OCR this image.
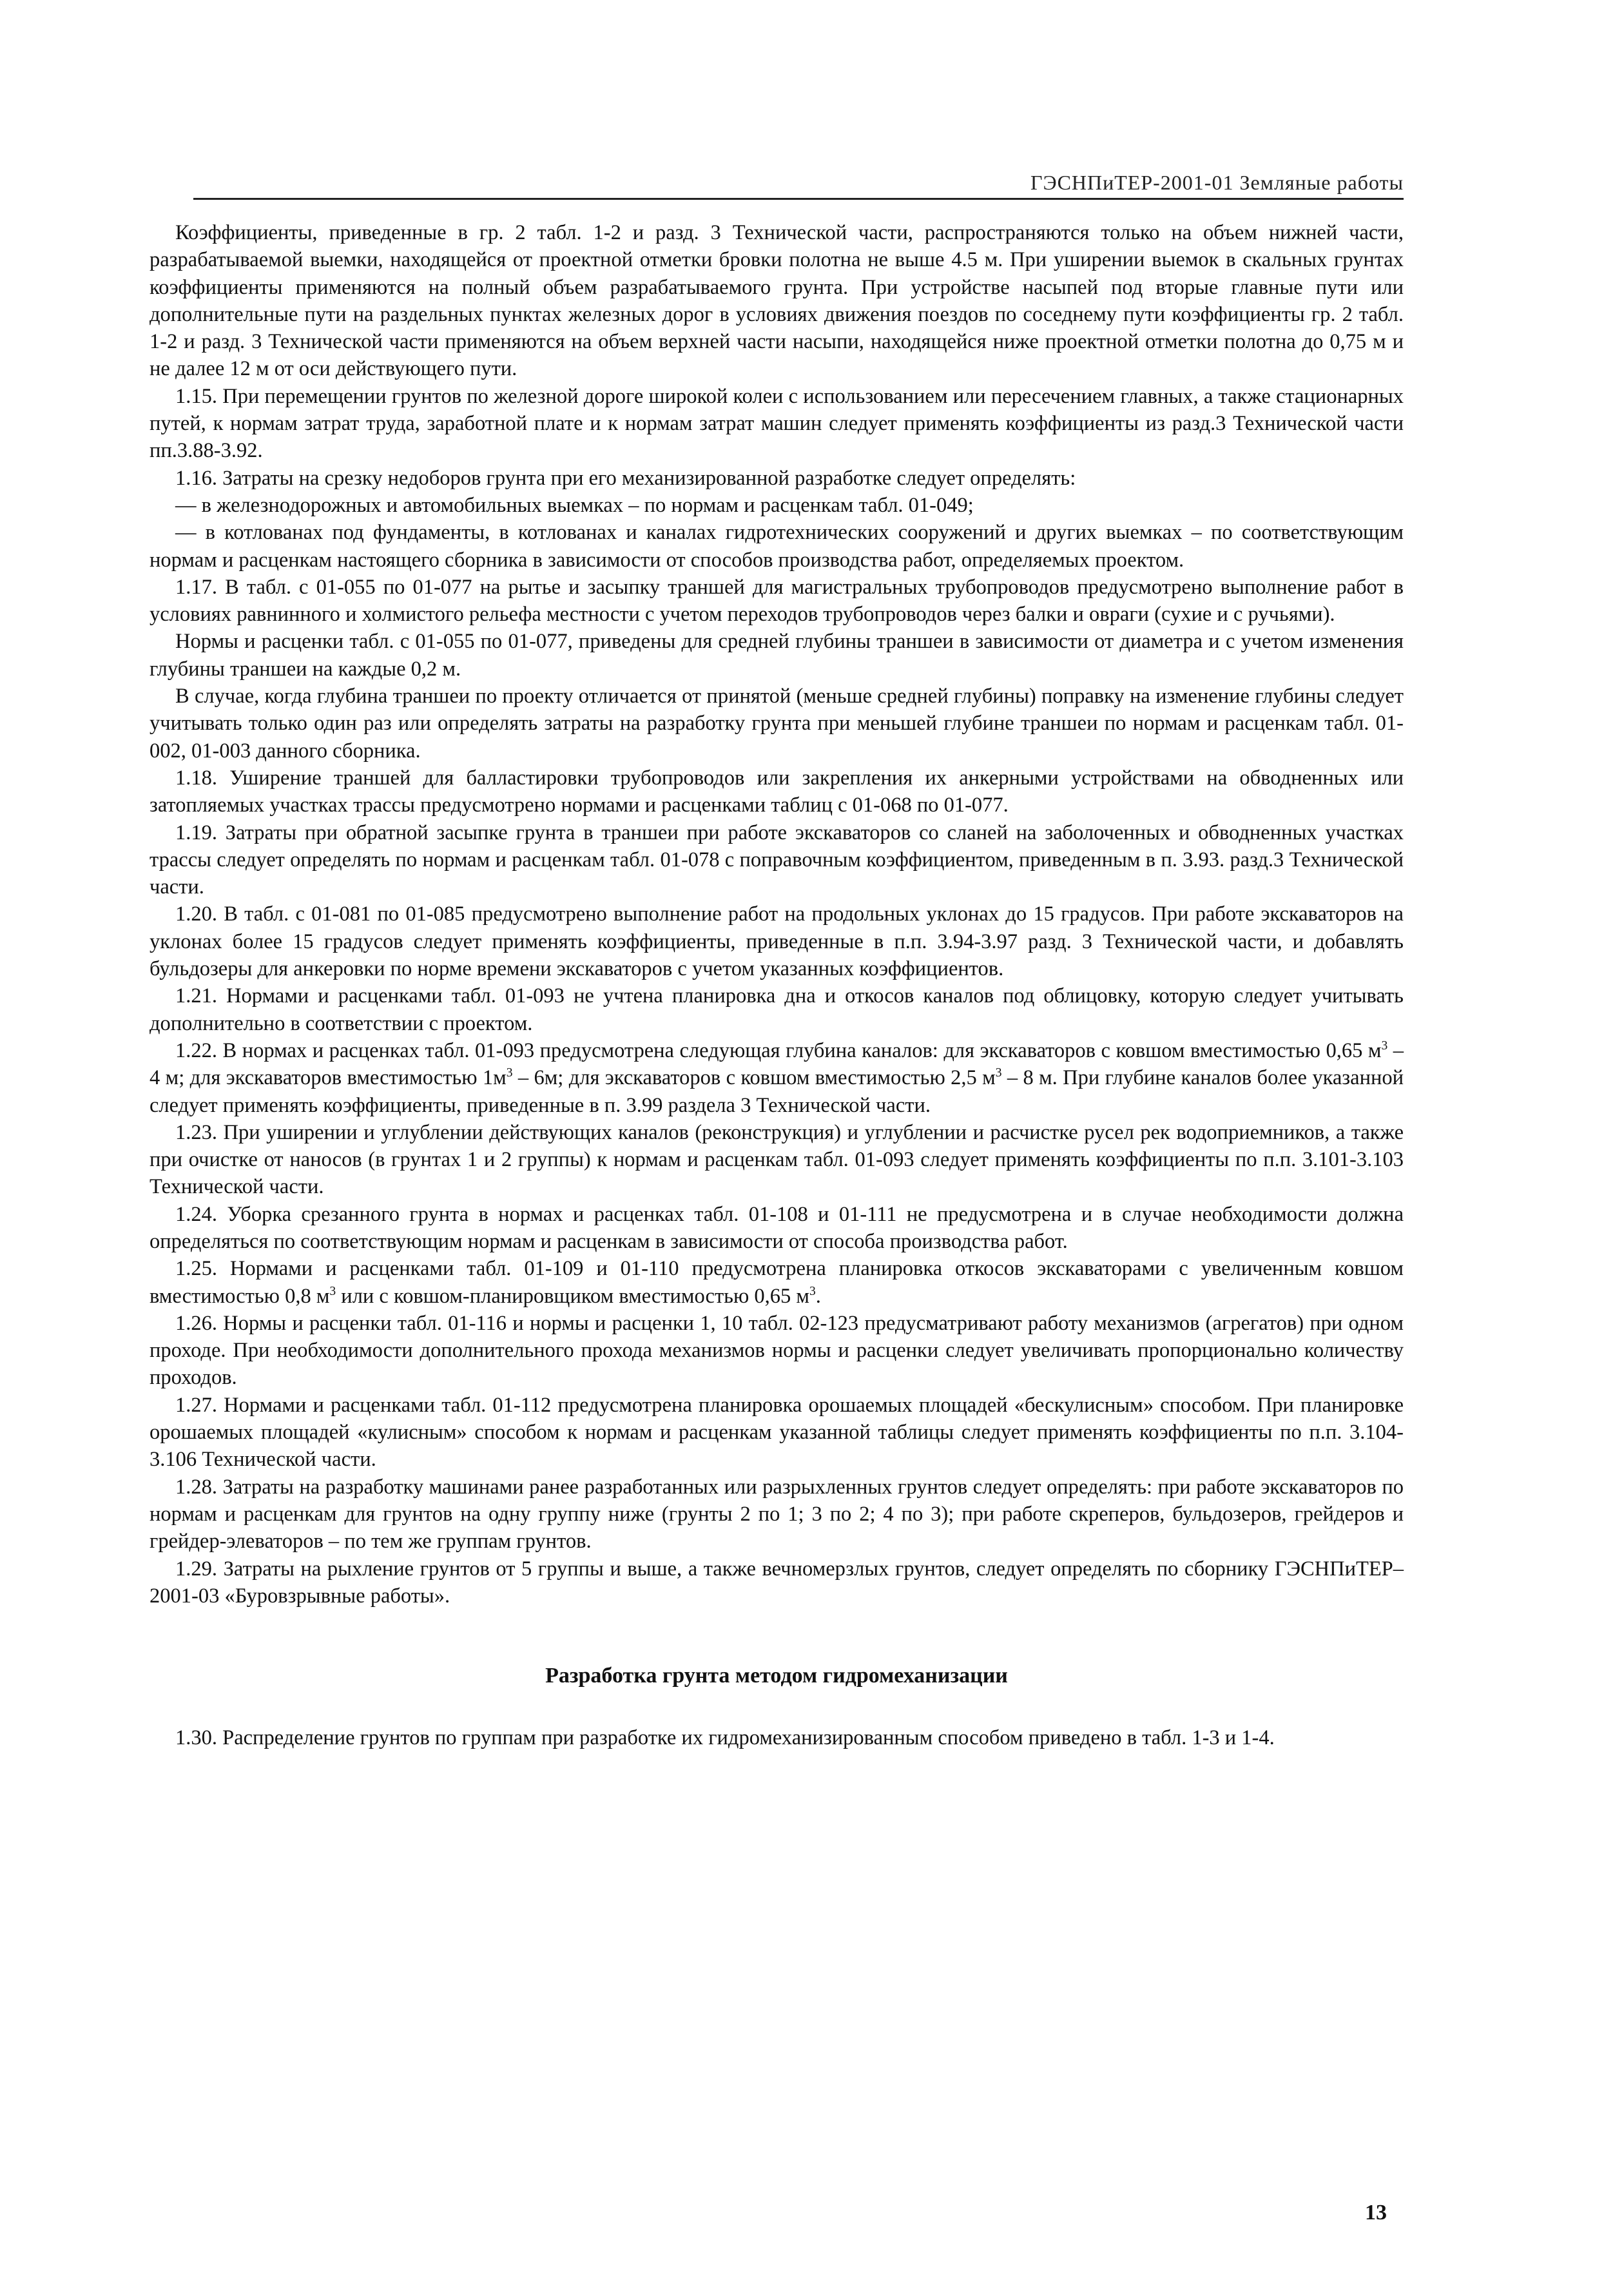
ГЭСНПиТЕР-2001-01 Земляные работы

Коэффициенты, приведенные в гр. 2 табл. 1-2 и разд. 3 Технической части, распространяются только на объем нижней части, разрабатываемой выемки, находящейся от проектной отметки бровки полотна не выше 4.5 м. При уширении выемок в скальных грунтах коэффициенты применяются на полный объем разрабатываемого грунта. При устройстве насыпей под вторые главные пути или дополнительные пути на раздельных пунктах железных дорог в условиях движения поездов по соседнему пути коэффициенты гр. 2 табл. 1-2 и разд. 3 Технической части применяются на объем верхней части насыпи, находящейся ниже проектной отметки полотна до 0,75 м и не далее 12 м от оси действующего пути.

1.15. При перемещении грунтов по железной дороге широкой колеи с использованием или пересечением главных, а также стационарных путей, к нормам затрат труда, заработной плате и к нормам затрат машин следует применять коэффициенты из разд.3 Технической части пп.3.88-3.92.

1.16. Затраты на срезку недоборов грунта при его механизированной разработке следует определять:

— в железнодорожных и автомобильных выемках – по нормам и расценкам табл. 01-049;

— в котлованах под фундаменты, в котлованах и каналах гидротехнических сооружений и других выемках – по соответствующим нормам и расценкам настоящего сборника в зависимости от способов производства работ, определяемых проектом.

1.17. В табл. с 01-055 по 01-077 на рытье и засыпку траншей для магистральных трубопроводов предусмотрено выполнение работ в условиях равнинного и холмистого рельефа местности с учетом переходов трубопроводов через балки и овраги (сухие и с ручьями).

Нормы и расценки табл. с 01-055 по 01-077, приведены для средней глубины траншеи в зависимости от диаметра и с учетом изменения глубины траншеи на каждые 0,2 м.

В случае, когда глубина траншеи по проекту отличается от принятой (меньше средней глубины) поправку на изменение глубины следует учитывать только один раз или определять затраты на разработку грунта при меньшей глубине траншеи по нормам и расценкам табл. 01-002, 01-003 данного сборника.

1.18. Уширение траншей для балластировки трубопроводов или закрепления их анкерными устройствами на обводненных или затопляемых участках трассы предусмотрено нормами и расценками таблиц с 01-068 по 01-077.

1.19. Затраты при обратной засыпке грунта в траншеи при работе экскаваторов со сланей на заболоченных и обводненных участках трассы следует определять по нормам и расценкам табл. 01-078 с поправочным коэффициентом, приведенным в п. 3.93. разд.3 Технической части.

1.20. В табл. с 01-081 по 01-085 предусмотрено выполнение работ на продольных уклонах до 15 градусов. При работе экскаваторов на уклонах более 15 градусов следует применять коэффициенты, приведенные в п.п. 3.94-3.97 разд. 3 Технической части, и добавлять бульдозеры для анкеровки по норме времени экскаваторов с учетом указанных коэффициентов.

1.21. Нормами и расценками табл. 01-093 не учтена планировка дна и откосов каналов под облицовку, которую следует учитывать дополнительно в соответствии с проектом.

1.22. В нормах и расценках табл. 01-093 предусмотрена следующая глубина каналов: для экскаваторов с ковшом вместимостью 0,65 $м^3 - 4$ м; для экскаваторов вместимостью $1м^3 - 6м$; для экскаваторов с ковшом вместимостью 2,5 $м^3 - 8$ м. При глубине каналов более указанной следует применять коэффициенты, приведенные в п. 3.99 раздела 3 Технической части.

1.23. При уширении и углублении действующих каналов (реконструкция) и углублении и расчистке русел рек водоприемников, а также при очистке от наносов (в грунтах 1 и 2 группы) к нормам и расценкам табл. 01-093 следует применять коэффициенты по п.п. 3.101-3.103 Технической части.

1.24. Уборка срезанного грунта в нормах и расценках табл. 01-108 и 01-111 не предусмотрена и в случае необходимости должна определяться по соответствующим нормам и расценкам в зависимости от способа производства работ.

1.25. Нормами и расценками табл. 01-109 и 01-110 предусмотрена планировка откосов экскаваторами с увеличенным ковшом вместимостью 0,8 $м^3$ или с ковшом-планировщиком вместимостью 0,65 $м^3$.

1.26. Нормы и расценки табл. 01-116 и нормы и расценки 1, 10 табл. 02-123 предусматривают работу механизмов (агрегатов) при одном проходе. При необходимости дополнительного прохода механизмов нормы и расценки следует увеличивать пропорционально количеству проходов.

1.27. Нормами и расценками табл. 01-112 предусмотрена планировка орошаемых площадей «бескулисным» способом. При планировке орошаемых площадей «кулисным» способом к нормам и расценкам указанной таблицы следует применять коэффициенты по п.п. 3.104-3.106 Технической части.

1.28. Затраты на разработку машинами ранее разработанных или разрыхленных грунтов следует определять: при работе экскаваторов по нормам и расценкам для грунтов на одну группу ниже (грунты 2 по 1; 3 по 2; 4 по 3); при работе скреперов, бульдозеров, грейдеров и грейдер-элеваторов – по тем же группам грунтов.

1.29. Затраты на рыхление грунтов от 5 группы и выше, а также вечномерзлых грунтов, следует определять по сборнику ГЭСНПиТЕР–2001-03 «Буровзрывные работы».

Разработка грунта методом гидромеханизации

1.30. Распределение грунтов по группам при разработке их гидромеханизированным способом приведено в табл. 1-3 и 1-4.

13
